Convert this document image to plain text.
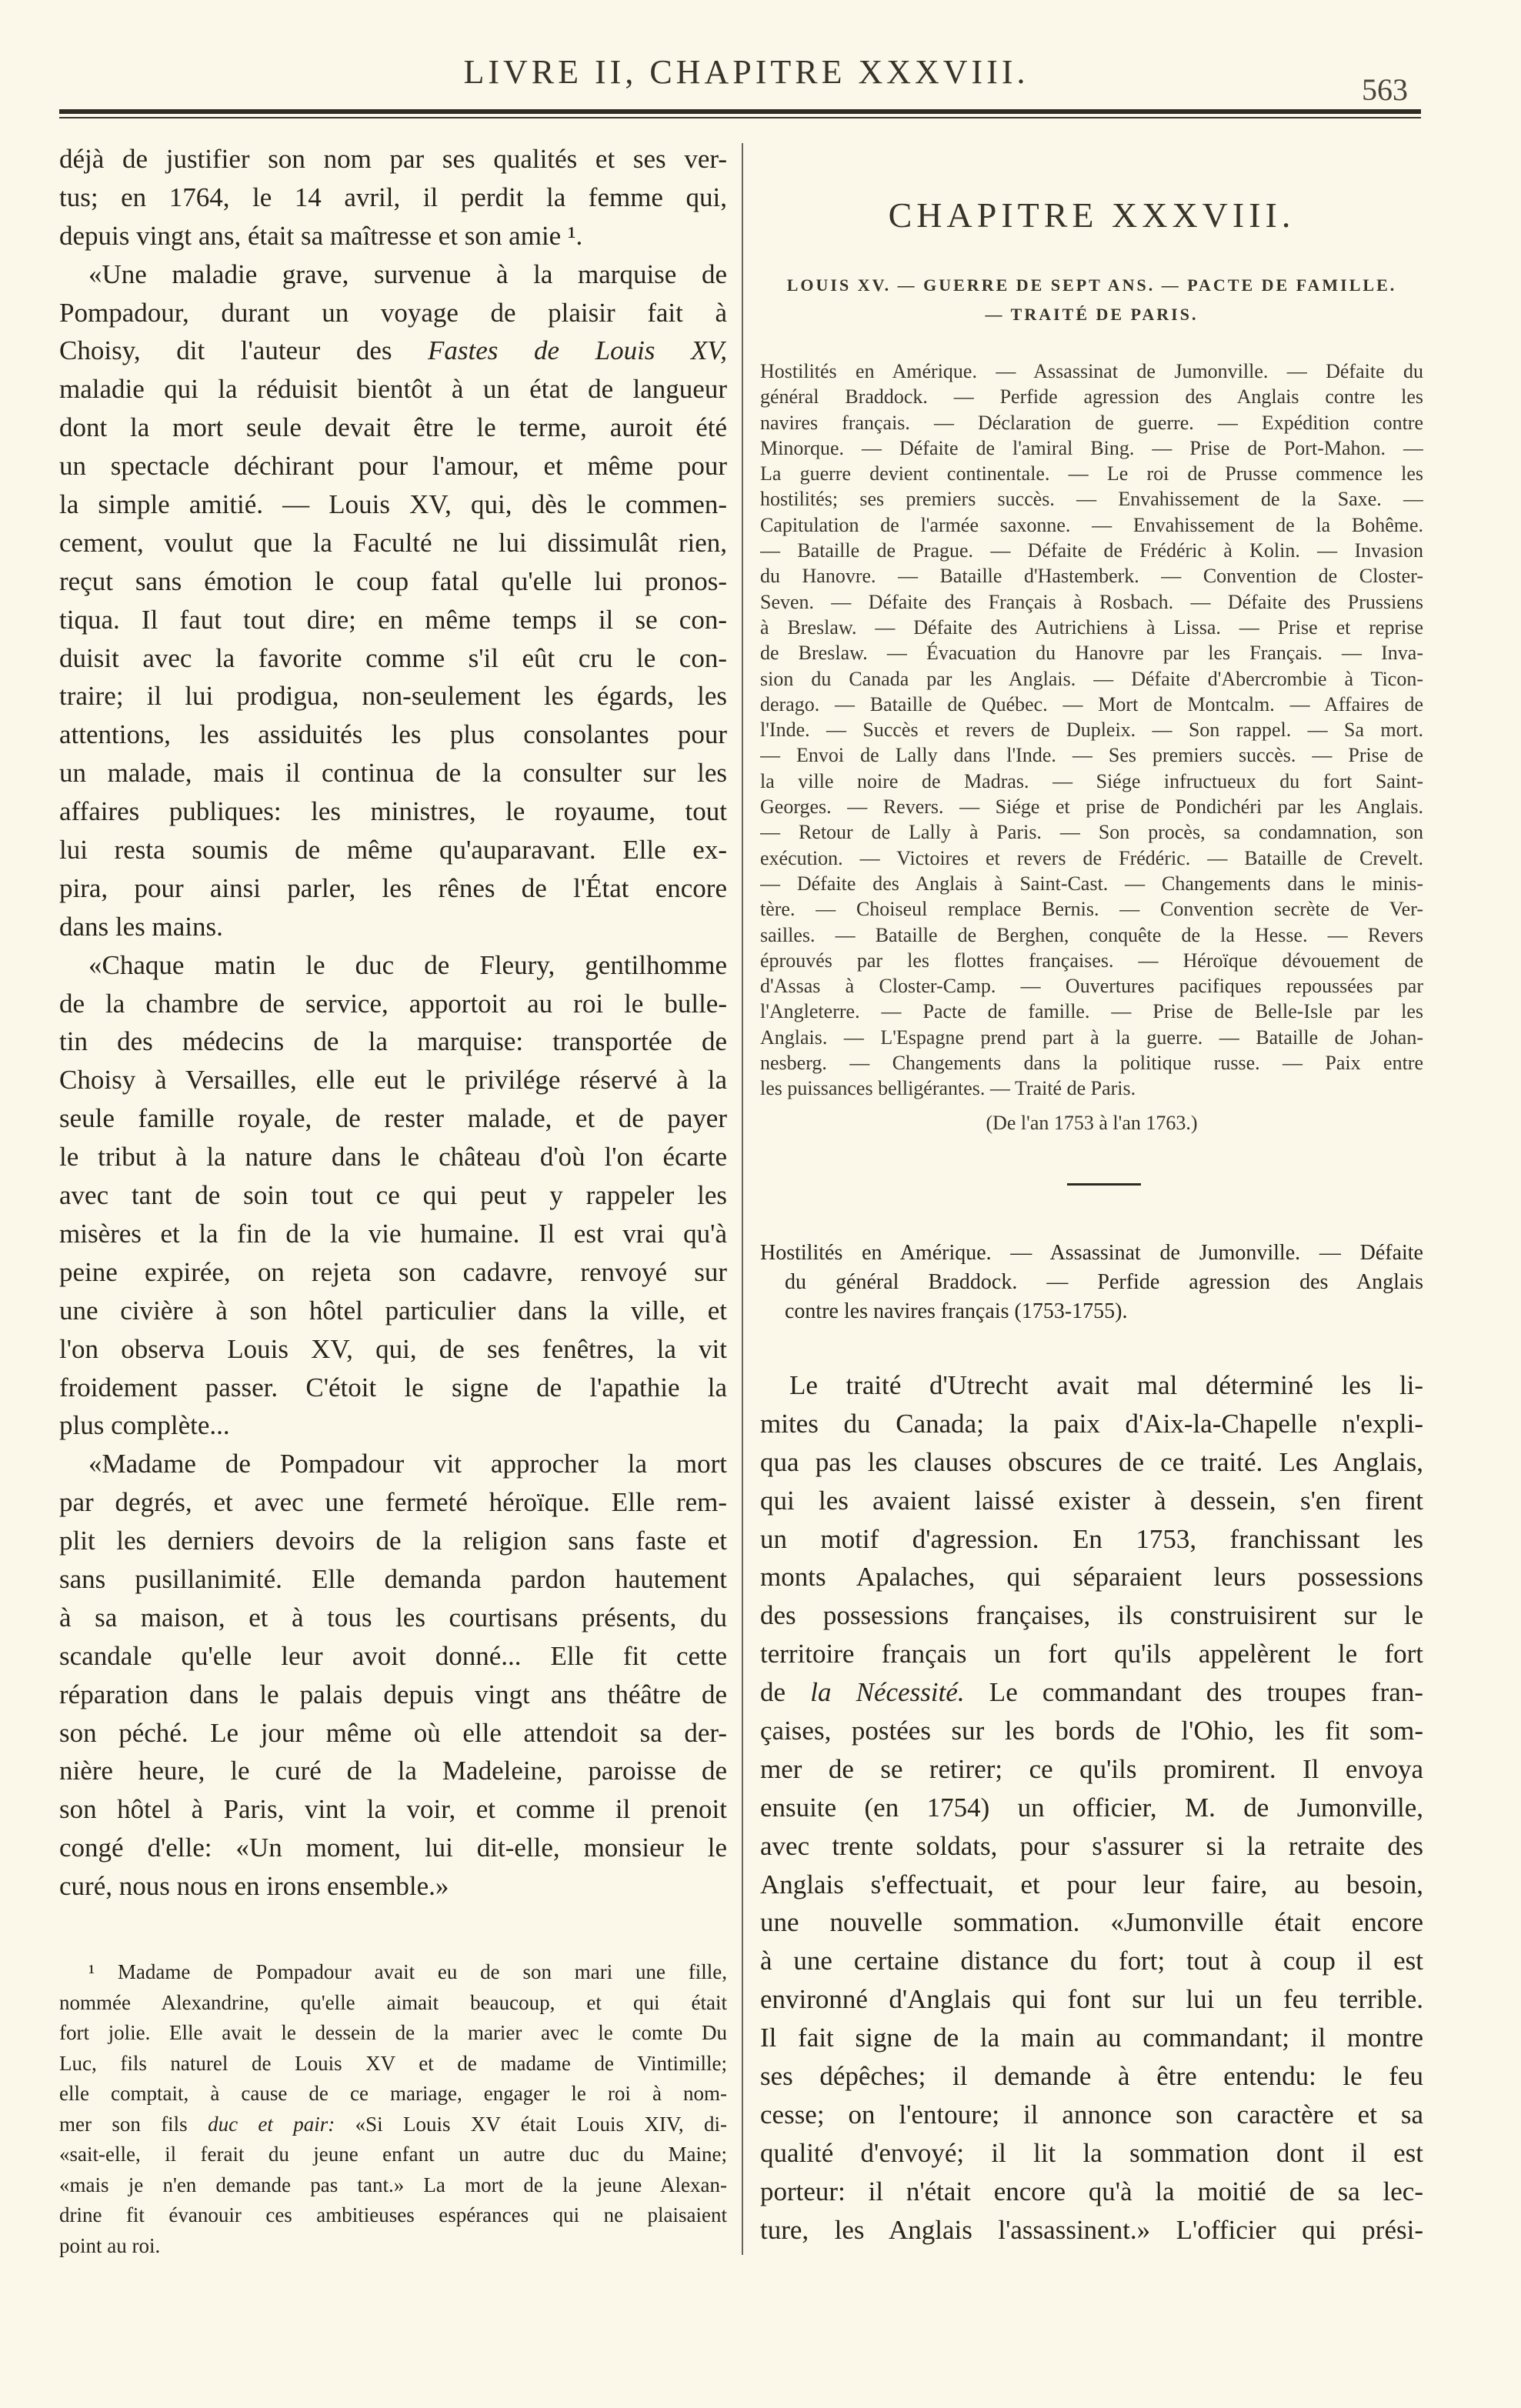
LIVRE II, CHAPITRE XXXVIII.	563
déjà de justifier son nom par ses qualités et ses ver-
tus; en 1764, le 14 avril, il perdit la femme qui,
depuis vingt ans, était sa maîtresse et son amie ¹.
«Une maladie grave, survenue à la marquise de
Pompadour, durant un voyage de plaisir fait à
Choisy, dit l'auteur des Fastes de Louis XV,
maladie qui la réduisit bientôt à un état de langueur
dont la mort seule devait être le terme, auroit été
un spectacle déchirant pour l'amour, et même pour
la simple amitié. — Louis XV, qui, dès le commen-
cement, voulut que la Faculté ne lui dissimulât rien,
reçut sans émotion le coup fatal qu'elle lui pronos-
tiqua. Il faut tout dire; en même temps il se con-
duisit avec la favorite comme s'il eût cru le con-
traire; il lui prodigua, non-seulement les égards, les
attentions, les assiduités les plus consolantes pour
un malade, mais il continua de la consulter sur les
affaires publiques: les ministres, le royaume, tout
lui resta soumis de même qu'auparavant. Elle ex-
pira, pour ainsi parler, les rênes de l'État encore
dans les mains.
«Chaque matin le duc de Fleury, gentilhomme
de la chambre de service, apportoit au roi le bulle-
tin des médecins de la marquise: transportée de
Choisy à Versailles, elle eut le privilége réservé à la
seule famille royale, de rester malade, et de payer
le tribut à la nature dans le château d'où l'on écarte
avec tant de soin tout ce qui peut y rappeler les
misères et la fin de la vie humaine. Il est vrai qu'à
peine expirée, on rejeta son cadavre, renvoyé sur
une civière à son hôtel particulier dans la ville, et
l'on observa Louis XV, qui, de ses fenêtres, la vit
froidement passer. C'étoit le signe de l'apathie la
plus complète...
«Madame de Pompadour vit approcher la mort
par degrés, et avec une fermeté héroïque. Elle rem-
plit les derniers devoirs de la religion sans faste et
sans pusillanimité. Elle demanda pardon hautement
à sa maison, et à tous les courtisans présents, du
scandale qu'elle leur avoit donné... Elle fit cette
réparation dans le palais depuis vingt ans théâtre de
son péché. Le jour même où elle attendoit sa der-
nière heure, le curé de la Madeleine, paroisse de
son hôtel à Paris, vint la voir, et comme il prenoit
congé d'elle: «Un moment, lui dit-elle, monsieur le
curé, nous nous en irons ensemble.»
¹ Madame de Pompadour avait eu de son mari une fille,
nommée Alexandrine, qu'elle aimait beaucoup, et qui était
fort jolie. Elle avait le dessein de la marier avec le comte Du
Luc, fils naturel de Louis XV et de madame de Vintimille;
elle comptait, à cause de ce mariage, engager le roi à nom-
mer son fils duc et pair: «Si Louis XV était Louis XIV, di-
«sait-elle, il ferait du jeune enfant un autre duc du Maine;
«mais je n'en demande pas tant.» La mort de la jeune Alexan-
drine fit évanouir ces ambitieuses espérances qui ne plaisaient
point au roi.
CHAPITRE XXXVIII.
LOUIS XV. — GUERRE DE SEPT ANS. — PACTE DE FAMILLE.
— TRAITÉ DE PARIS.
Hostilités en Amérique. — Assassinat de Jumonville. — Défaite du
général Braddock. — Perfide agression des Anglais contre les
navires français. — Déclaration de guerre. — Expédition contre
Minorque. — Défaite de l'amiral Bing. — Prise de Port-Mahon. —
La guerre devient continentale. — Le roi de Prusse commence les
hostilités; ses premiers succès. — Envahissement de la Saxe. —
Capitulation de l'armée saxonne. — Envahissement de la Bohême.
— Bataille de Prague. — Défaite de Frédéric à Kolin. — Invasion
du Hanovre. — Bataille d'Hastemberk. — Convention de Closter-
Seven. — Défaite des Français à Rosbach. — Défaite des Prussiens
à Breslaw. — Défaite des Autrichiens à Lissa. — Prise et reprise
de Breslaw. — Évacuation du Hanovre par les Français. — Inva-
sion du Canada par les Anglais. — Défaite d'Abercrombie à Ticon-
derago. — Bataille de Québec. — Mort de Montcalm. — Affaires de
l'Inde. — Succès et revers de Dupleix. — Son rappel. — Sa mort.
— Envoi de Lally dans l'Inde. — Ses premiers succès. — Prise de
la ville noire de Madras. — Siége infructueux du fort Saint-
Georges. — Revers. — Siége et prise de Pondichéri par les Anglais.
— Retour de Lally à Paris. — Son procès, sa condamnation, son
exécution. — Victoires et revers de Frédéric. — Bataille de Crevelt.
— Défaite des Anglais à Saint-Cast. — Changements dans le minis-
tère. — Choiseul remplace Bernis. — Convention secrète de Ver-
sailles. — Bataille de Berghen, conquête de la Hesse. — Revers
éprouvés par les flottes françaises. — Héroïque dévouement de
d'Assas à Closter-Camp. — Ouvertures pacifiques repoussées par
l'Angleterre. — Pacte de famille. — Prise de Belle-Isle par les
Anglais. — L'Espagne prend part à la guerre. — Bataille de Johan-
nesberg. — Changements dans la politique russe. — Paix entre
les puissances belligérantes. — Traité de Paris.
(De l'an 1753 à l'an 1763.)
Hostilités en Amérique. — Assassinat de Jumonville. — Défaite
du général Braddock. — Perfide agression des Anglais
contre les navires français (1753-1755).
Le traité d'Utrecht avait mal déterminé les li-
mites du Canada; la paix d'Aix-la-Chapelle n'expli-
qua pas les clauses obscures de ce traité. Les Anglais,
qui les avaient laissé exister à dessein, s'en firent
un motif d'agression. En 1753, franchissant les
monts Apalaches, qui séparaient leurs possessions
des possessions françaises, ils construisirent sur le
territoire français un fort qu'ils appelèrent le fort
de la Nécessité. Le commandant des troupes fran-
çaises, postées sur les bords de l'Ohio, les fit som-
mer de se retirer; ce qu'ils promirent. Il envoya
ensuite (en 1754) un officier, M. de Jumonville,
avec trente soldats, pour s'assurer si la retraite des
Anglais s'effectuait, et pour leur faire, au besoin,
une nouvelle sommation. «Jumonville était encore
à une certaine distance du fort; tout à coup il est
environné d'Anglais qui font sur lui un feu terrible.
Il fait signe de la main au commandant; il montre
ses dépêches; il demande à être entendu: le feu
cesse; on l'entoure; il annonce son caractère et sa
qualité d'envoyé; il lit la sommation dont il est
porteur: il n'était encore qu'à la moitié de sa lec-
ture, les Anglais l'assassinent.» L'officier qui prési-
